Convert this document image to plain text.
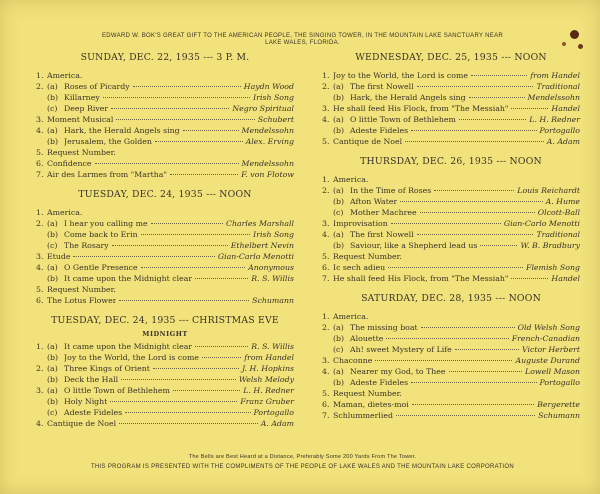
EDWARD W. BOK'S GREAT GIFT TO THE AMERICAN PEOPLE, THE SINGING TOWER, IN THE MOUNTAIN LAKE SANCTUARY NEAR
LAKE WALES, FLORIDA.
SUNDAY, DEC. 22, 1935 --- 3 P. M.
1. America.
2. (a) Roses of Picardy	Haydn Wood
(b) Killarney	Irish Song
(c) Deep River	Negro Spiritual
3. Moment Musical	Schubert
4. (a) Hark, the Herald Angels sing	Mendelssohn
(b) Jerusalem, the Golden	Alex. Erving
5. Request Number.
6. Confidence	Mendelssohn
7. Air des Larmes from "Martha"	F. von Flotow
TUESDAY, DEC. 24, 1935 --- NOON
1. America.
2. (a) I hear you calling me	Charles Marshall
(b) Come back to Erin	Irish Song
(c) The Rosary	Ethelbert Nevin
3. Etude	Gian-Carlo Menotti
4. (a) O Gentle Presence	Anonymous
(b) It came upon the Midnight clear	R. S. Willis
5. Request Number.
6. The Lotus Flower	Schumann
TUESDAY, DEC. 24, 1935 --- CHRISTMAS EVE
MIDNIGHT
1. (a) It came upon the Midnight clear	R. S. Willis
(b) Joy to the World, the Lord is come	from Handel
2. (a) Three Kings of Orient	J. H. Hopkins
(b) Deck the Hall	Welsh Melody
3. (a) O little Town of Bethlehem	L. H. Redner
(b) Holy Night	Franz Gruber
(c) Adeste Fideles	Portogallo
4. Cantique de Noel	A. Adam
WEDNESDAY, DEC. 25, 1935 --- NOON
1. Joy to the World, the Lord is come	from Handel
2. (a) The first Nowell	Traditional
(b) Hark, the Herald Angels sing	Mendelssohn
3. He shall feed His Flock, from "The Messiah"	Handel
4. (a) O little Town of Bethlehem	L. H. Redner
(b) Adeste Fideles	Portogallo
5. Cantique de Noel	A. Adam
THURSDAY, DEC. 26, 1935 --- NOON
1. America.
2. (a) In the Time of Roses	Louis Reichardt
(b) Afton Water	A. Hume
(c) Mother Machree	Olcott-Ball
3. Improvisation	Gian-Carlo Menotti
4. (a) The first Nowell	Traditional
(b) Saviour, like a Shepherd lead us	W. B. Bradbury
5. Request Number.
6. Ic sech adieu	Flemish Song
7. He shall feed His Flock, from "The Messiah"	Handel
SATURDAY, DEC. 28, 1935 --- NOON
1. America.
2. (a) The missing boat	Old Welsh Song
(b) Alouette	French-Canadian
(c) Ah! sweet Mystery of Life	Victor Herbert
3. Chaconne	Auguste Durand
4. (a) Nearer my God, to Thee	Lowell Mason
(b) Adeste Fideles	Portogallo
5. Request Number.
6. Maman, dietes-moi	Bergerette
7. Schlummerlied	Schumann
The Bells are Best Heard at a Distance, Preferably Some 200 Yards From The Tower.
THIS PROGRAM IS PRESENTED WITH THE COMPLIMENTS OF THE PEOPLE OF LAKE WALES AND THE MOUNTAIN LAKE CORPORATION
